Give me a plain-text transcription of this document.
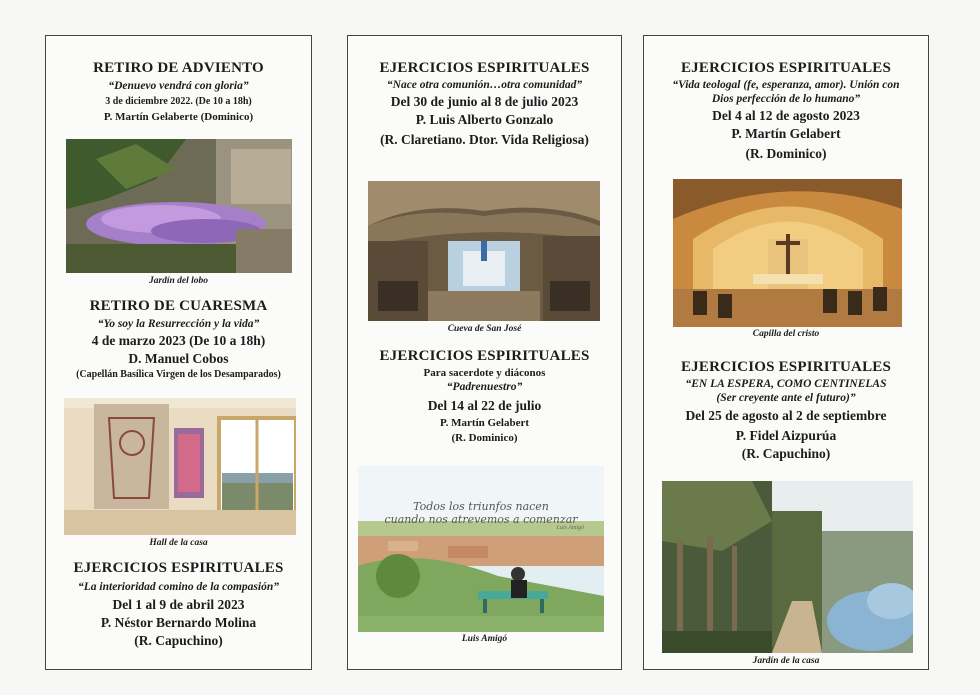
RETIRO DE ADVIENTO
“Denuevo vendrá con gloria”
3 de diciembre 2022. (De 10 a 18h)
P. Martín Gelaberte (Dominico)
Jardín del lobo
RETIRO DE CUARESMA
“Yo soy la Resurrección y la vida”
4 de marzo 2023 (De 10 a 18h)
D. Manuel Cobos
(Capellán Basílica Virgen de los Desamparados)
Hall de la casa
EJERCICIOS ESPIRITUALES
“La interioridad comino de la compasión”
Del 1 al 9 de abril 2023
P. Néstor Bernardo Molina
(R. Capuchino)
EJERCICIOS ESPIRITUALES
“Nace otra comunión…otra comunidad”
Del 30 de junio al 8 de julio 2023
P. Luis Alberto Gonzalo
(R. Claretiano. Dtor. Vida Religiosa)
Cueva de San José
EJERCICIOS ESPIRITUALES
Para sacerdote y diáconos
“Padrenuestro”
Del 14 al 22 de julio
P. Martín Gelabert
(R. Dominico)
Todos los triunfos nacen
cuando nos atrevemos a comenzar
Luis Amigó
Luis Amigó
EJERCICIOS ESPIRITUALES
“Vida teologal (fe, esperanza, amor). Unión con
Dios perfección de lo humano”
Del 4 al 12 de agosto 2023
P. Martín Gelabert
(R. Dominico)
Capilla del cristo
EJERCICIOS ESPIRITUALES
“EN LA ESPERA, COMO CENTINELAS
(Ser creyente ante el futuro)”
Del 25 de agosto al 2 de septiembre
P. Fidel Aizpurúa
(R. Capuchino)
Jardín de la casa
